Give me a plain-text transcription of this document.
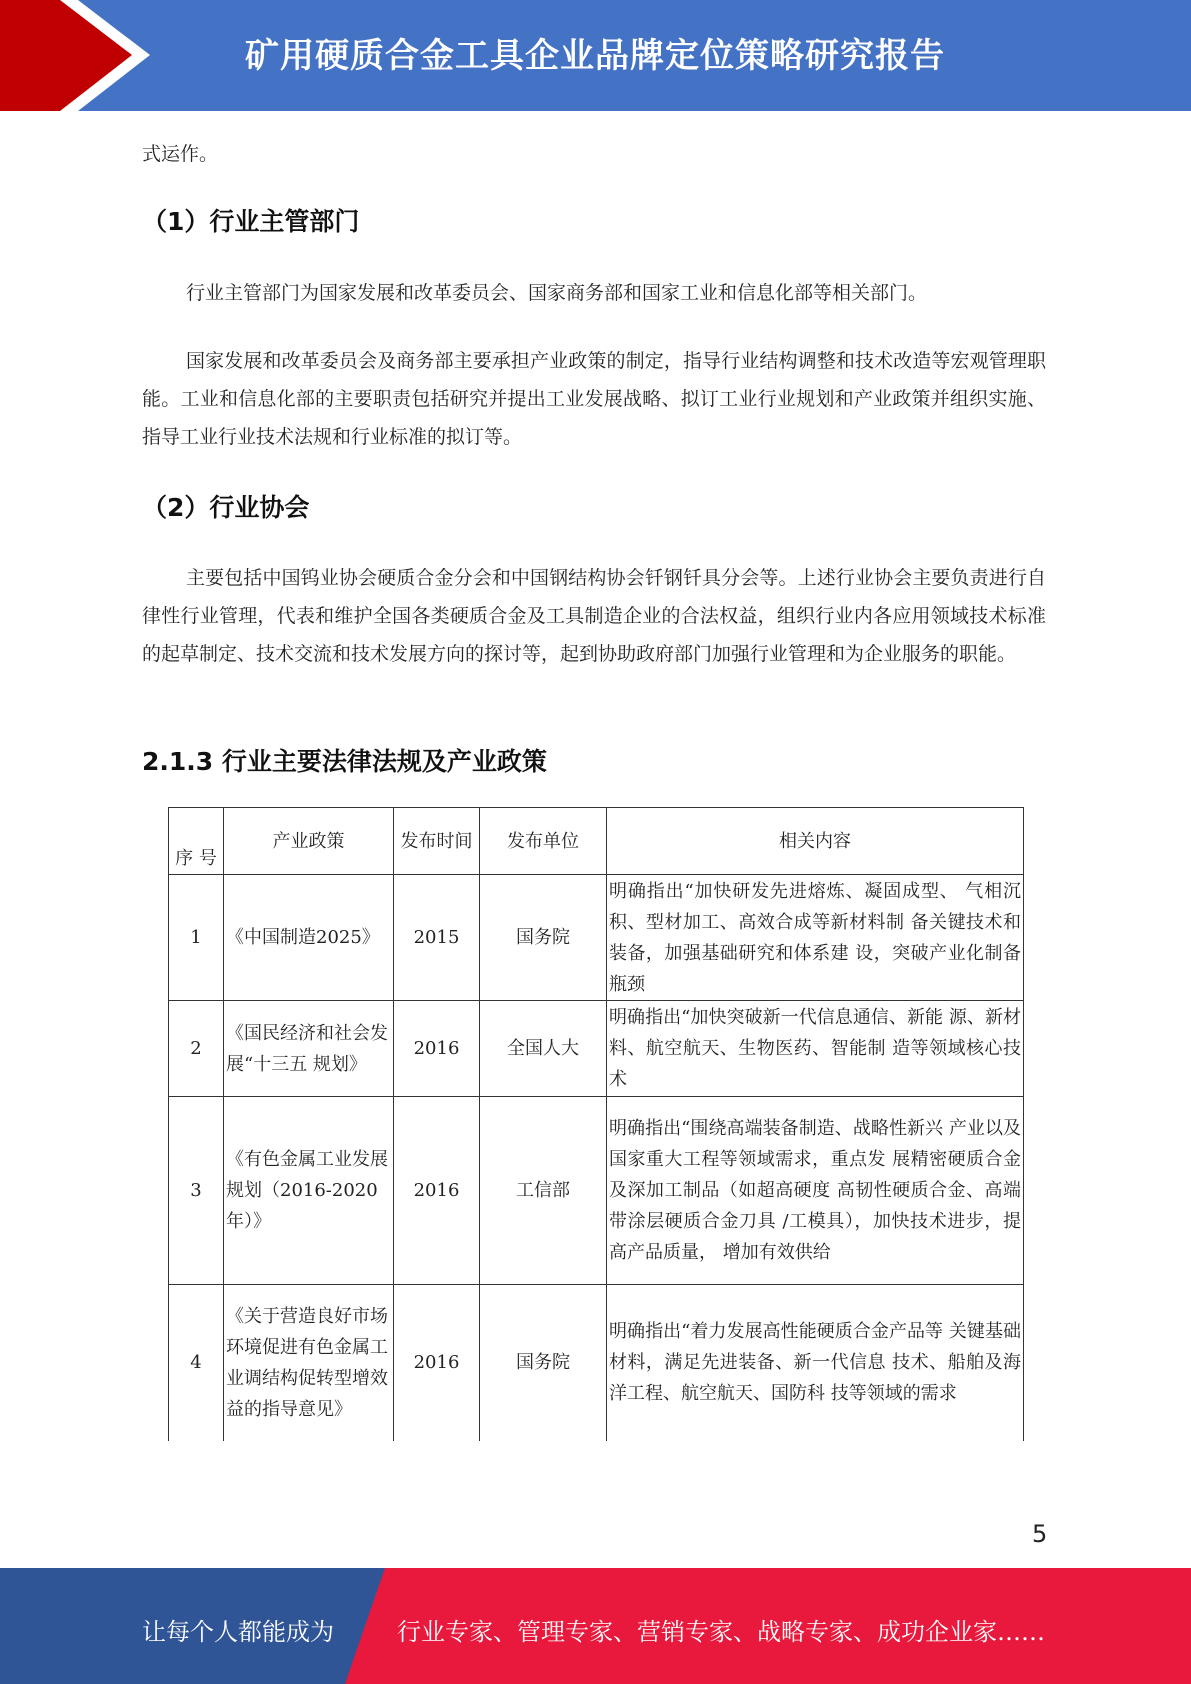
矿用硬质合金工具企业品牌定位策略研究报告

式运作。

（1）行业主管部门

行业主管部门为国家发展和改革委员会、国家商务部和国家工业和信息化部等相关部门。

国家发展和改革委员会及商务部主要承担产业政策的制定，指导行业结构调整和技术改造等宏观管理职能。工业和信息化部的主要职责包括研究并提出工业发展战略、拟订工业行业规划和产业政策并组织实施、指导工业行业技术法规和行业标准的拟订等。

（2）行业协会

主要包括中国钨业协会硬质合金分会和中国钢结构协会钎钢钎具分会等。上述行业协会主要负责进行自律性行业管理，代表和维护全国各类硬质合金及工具制造企业的合法权益，组织行业内各应用领域技术标准的起草制定、技术交流和技术发展方向的探讨等，起到协助政府部门加强行业管理和为企业服务的职能。

2.1.3 行业主要法律法规及产业政策
序 号	产业政策	发布时间	发布单位	相关内容
1	《中国制造2025》	2015	国务院	明确指出“加快研发先进熔炼、凝固成型、 气相沉积、型材加工、高效合成等新材料制 备关键技术和装备，加强基础研究和体系建 设，突破产业化制备瓶颈
2	《国民经济和社会发展“十三五 规划》	2016	全国人大	明确指出“加快突破新一代信息通信、新能 源、新材料、航空航天、生物医药、智能制 造等领域核心技术
3	《有色金属工业发展规划（2016-2020 年）》	2016	工信部	明确指出“围绕高端装备制造、战略性新兴 产业以及国家重大工程等领域需求，重点发 展精密硬质合金及深加工制品（如超高硬度 高韧性硬质合金、高端带涂层硬质合金刀具 /工模具），加快技术进步，提高产品质量， 增加有效供给
4	《关于营造良好市场环境促进有色金属工业调结构促转型增效益的指导意见》	2016	国务院	明确指出“着力发展高性能硬质合金产品等 关键基础材料，满足先进装备、新一代信息 技术、船舶及海洋工程、航空航天、国防科 技等领域的需求
5
让每个人都能成为	行业专家、管理专家、营销专家、战略专家、成功企业家……
